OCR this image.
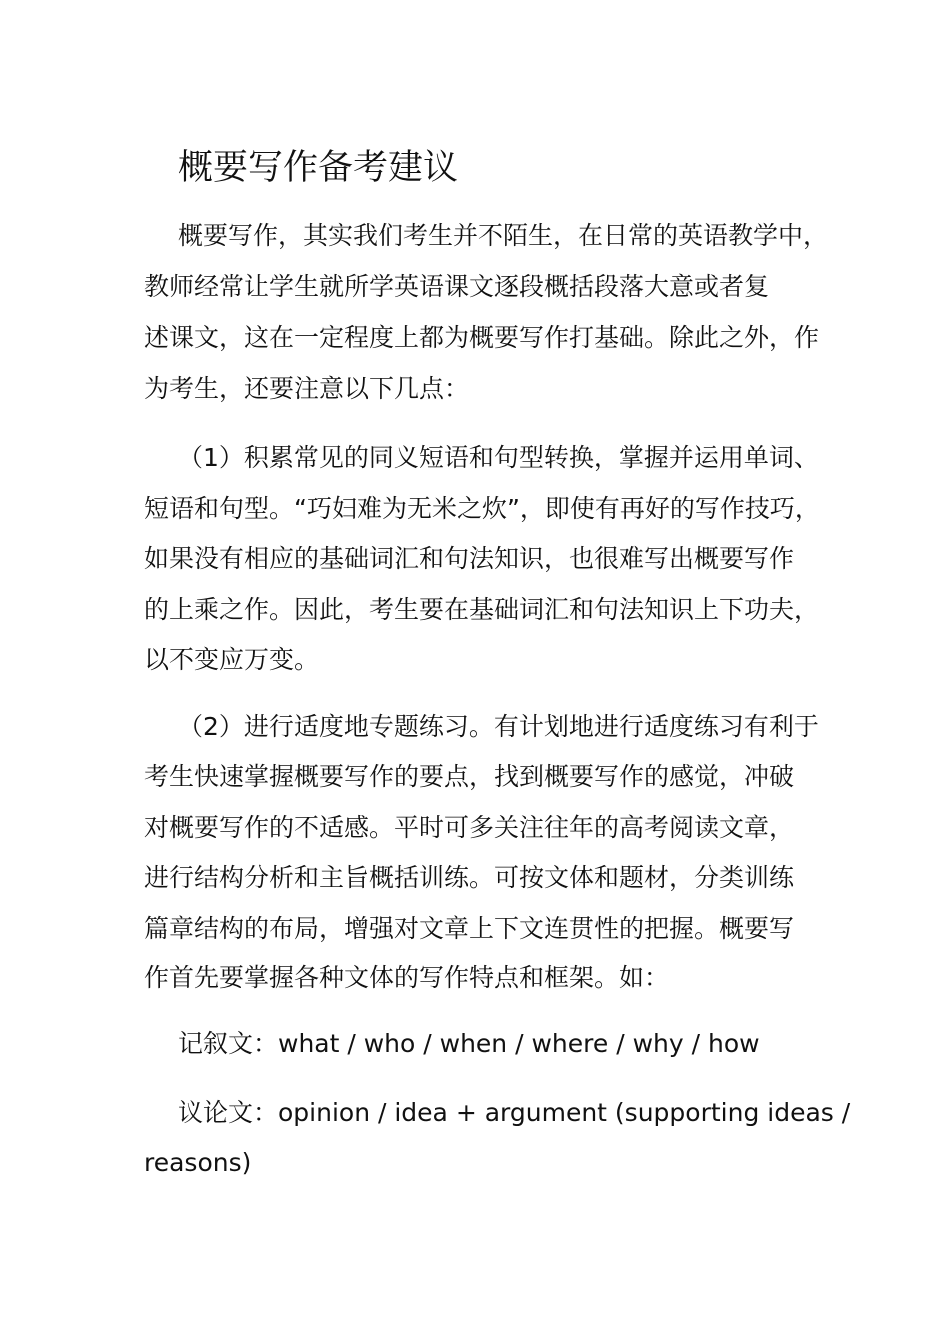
概要写作备考建议
概要写作，其实我们考生并不陌生，在日常的英语教学中，
教师经常让学生就所学英语课文逐段概括段落大意或者复
述课文，这在一定程度上都为概要写作打基础。除此之外，作
为考生，还要注意以下几点：
（1）积累常见的同义短语和句型转换，掌握并运用单词、
短语和句型。“巧妇难为无米之炊”，即使有再好的写作技巧，
如果没有相应的基础词汇和句法知识，也很难写出概要写作
的上乘之作。因此，考生要在基础词汇和句法知识上下功夫，
以不变应万变。
（2）进行适度地专题练习。有计划地进行适度练习有利于
考生快速掌握概要写作的要点，找到概要写作的感觉，冲破
对概要写作的不适感。平时可多关注往年的高考阅读文章，
进行结构分析和主旨概括训练。可按文体和题材，分类训练
篇章结构的布局，增强对文章上下文连贯性的把握。概要写
作首先要掌握各种文体的写作特点和框架。如：
记叙文：what / who / when / where / why / how
议论文：opinion / idea + argument (supporting ideas /
reasons)
